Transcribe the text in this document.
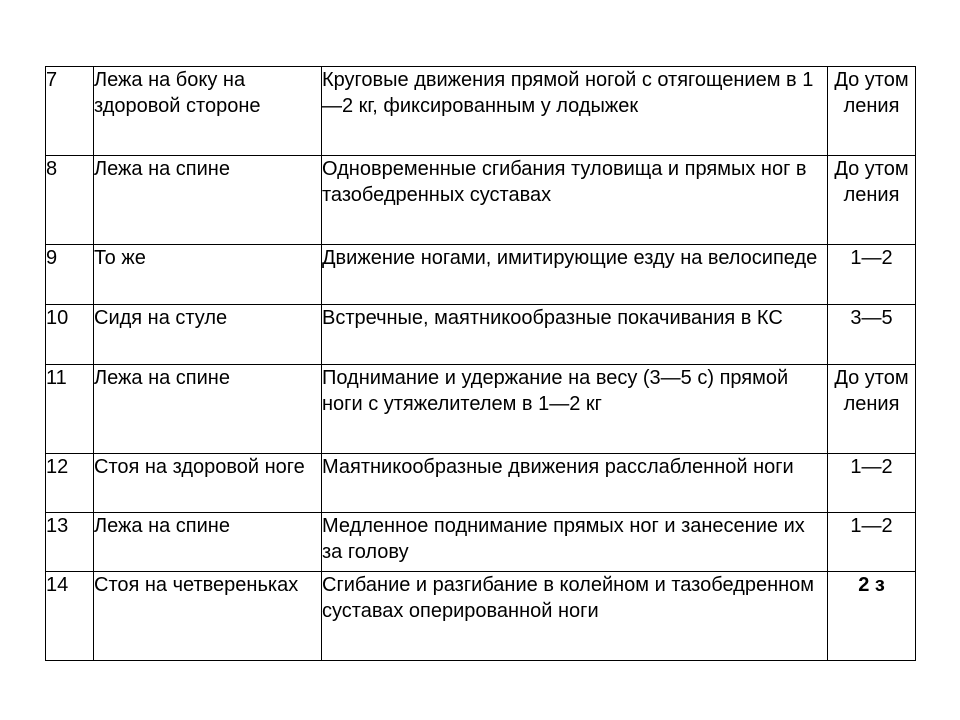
7	Лежа на боку на здоровой стороне	Круговые движения прямой ногой с отягощением в 1—2 кг, фиксированным у лодыжек	До утом ления
8	Лежа на спине	Одновременные сгибания туловища и прямых ног в тазобедренных суставах	До утом ления
9	То же	Движение ногами, имитирующие езду на велосипеде	1—2
10	Сидя на стуле	Встречные, маятникообразные покачивания в КС	3—5
11	Лежа на спине	Поднимание и удержание на весу (3—5 с) прямой ноги с утяжелителем в 1—2 кг	До утом ления
12	Стоя на здоровой ноге	Маятникообразные движения расслабленной ноги	1—2
13	Лежа на спине	Медленное поднимание прямых ног и занесение их за голову	1—2
14	Стоя на четвереньках	Сгибание и разгибание в колейном и тазобедренном суставах оперированной ноги	2 з
